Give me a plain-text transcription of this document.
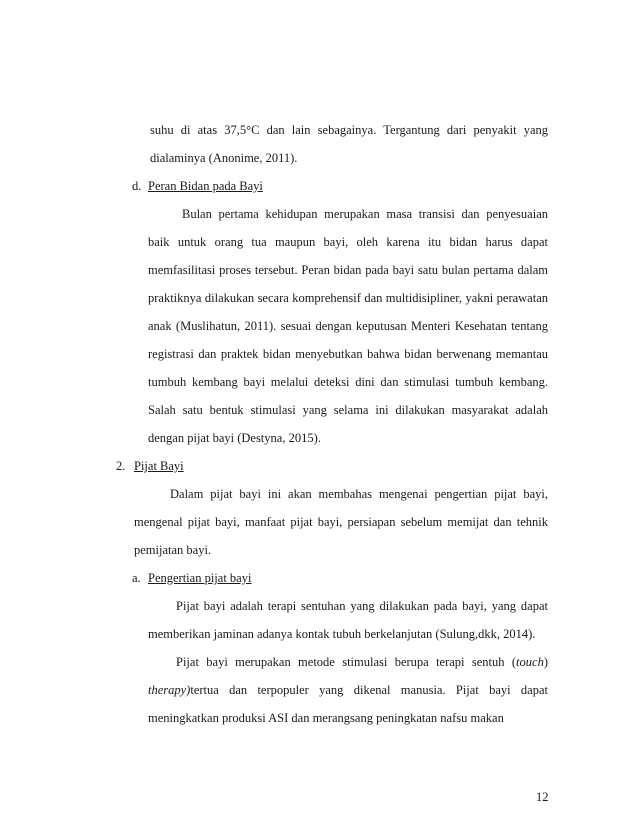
suhu di atas 37,5°C dan lain sebagainya. Tergantung dari penyakit yang
dialaminya (Anonime, 2011).
d. Peran Bidan pada Bayi
Bulan pertama kehidupan merupakan masa transisi dan penyesuaian
baik untuk orang tua maupun bayi, oleh karena itu bidan harus dapat
memfasilitasi proses tersebut. Peran bidan pada bayi satu bulan pertama dalam
praktiknya dilakukan secara komprehensif dan multidisipliner, yakni perawatan
anak (Muslihatun, 2011). sesuai dengan keputusan Menteri Kesehatan tentang
registrasi dan praktek bidan menyebutkan bahwa bidan berwenang memantau
tumbuh kembang bayi melalui deteksi dini dan stimulasi tumbuh kembang.
Salah satu bentuk stimulasi yang selama ini dilakukan masyarakat adalah
dengan pijat bayi (Destyna, 2015).
2. Pijat Bayi
Dalam pijat bayi ini akan membahas mengenai pengertian pijat bayi,
mengenal pijat bayi, manfaat pijat bayi, persiapan sebelum memijat dan tehnik
pemijatan bayi.
a. Pengertian pijat bayi
Pijat bayi adalah terapi sentuhan yang dilakukan pada bayi, yang dapat
memberikan jaminan adanya kontak tubuh berkelanjutan (Sulung,dkk, 2014).
Pijat bayi merupakan metode stimulasi berupa terapi sentuh ( touch )
therapy) tertua dan terpopuler yang dikenal manusia. Pijat bayi dapat
meningkatkan produksi ASI dan merangsang peningkatan nafsu makan
12
